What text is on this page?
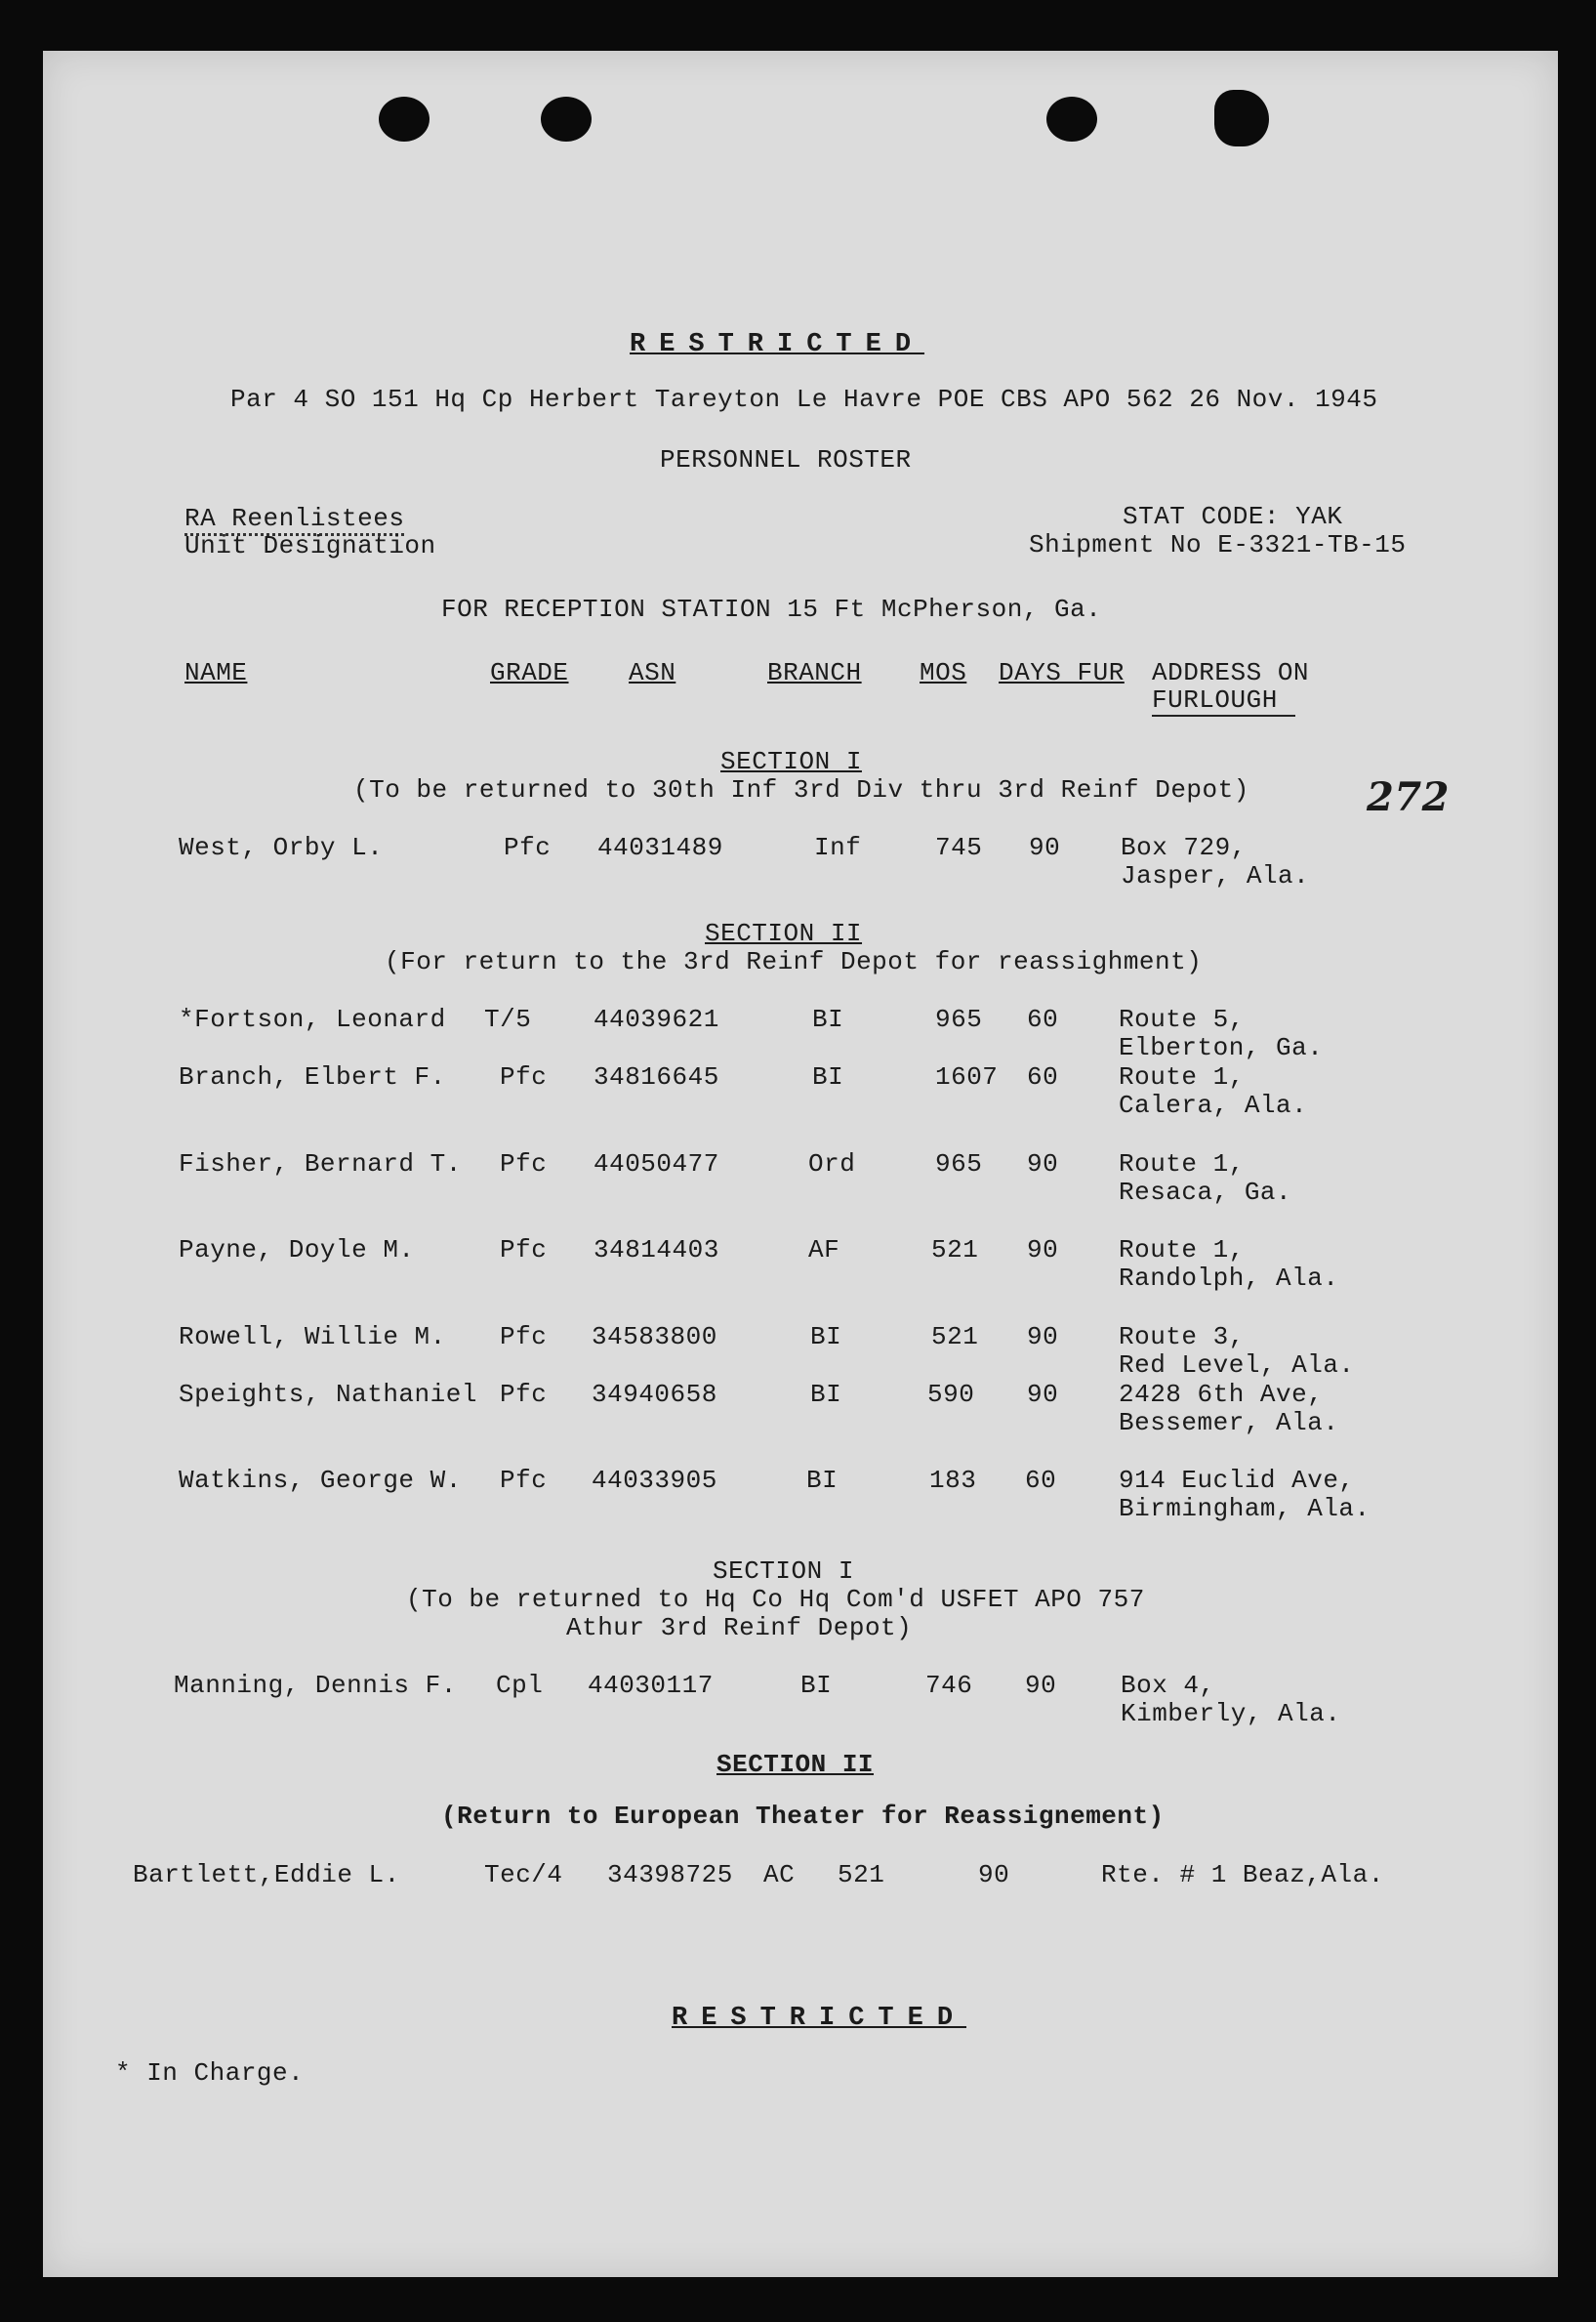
RESTRICTED
Par 4 SO 151 Hq Cp Herbert Tareyton Le Havre POE CBS APO 562 26 Nov. 1945
PERSONNEL ROSTER
RA Reenlistees
Unit Designation
STAT CODE: YAK
Shipment No E-3321-TB-15
FOR RECEPTION STATION 15 Ft McPherson, Ga.
272
NAME	GRADE ASN	BRANCH MOS DAYS FUR ADDRESS ON
FURLOUGH
SECTION I
(To be returned to 30th Inf 3rd Div thru 3rd Reinf Depot)
West, Orby L.	Pfc 44031489	Inf	745 90 Box 729,
Jasper, Ala.
SECTION II
(For return to the 3rd Reinf Depot for reassighment)
*Fortson, Leonard T/5 44039621	BI	965 60 Route 5,
Elberton, Ga.
Branch, Elbert F. Pfc 34816645	BI	1607 60 Route 1,
Calera, Ala.
Fisher, Bernard T. Pfc 44050477	Ord	965 90 Route 1,
Resaca, Ga.
Payne, Doyle M.	Pfc 34814403	AF	521 90 Route 1,
Randolph, Ala.
Rowell, Willie M. Pfc 34583800	BI	521 90 Route 3,
Red Level, Ala.
Speights, Nathaniel Pfc 34940658	BI	590 90 2428 6th Ave,
Bessemer, Ala.
Watkins, George W. Pfc 44033905	BI	183 60 914 Euclid Ave,
Birmingham, Ala.
SECTION I
(To be returned to Hq Co Hq Com'd USFET APO 757
Athur 3rd Reinf Depot)
Manning, Dennis F. Cpl 44030117	BI	746 90	Box 4,
Kimberly, Ala.
SECTION II
(Return to European Theater for Reassignement)
Bartlett,Eddie L.	Tec/4 34398725 AC 521	90	Rte. # 1 Beaz,Ala.
RESTRICTED
* In Charge.
